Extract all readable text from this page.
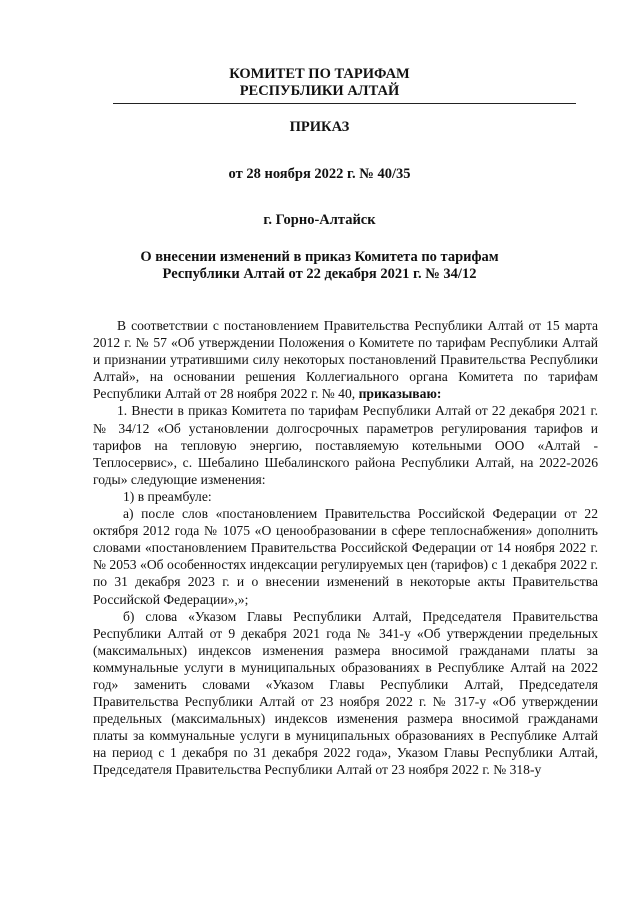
КОМИТЕТ ПО ТАРИФАМ
РЕСПУБЛИКИ АЛТАЙ
ПРИКАЗ
от 28 ноября 2022 г. № 40/35
г. Горно-Алтайск
О внесении изменений в приказ Комитета по тарифам
Республики Алтай от 22 декабря 2021 г. № 34/12

В соответствии с постановлением Правительства Республики Алтай от 15 марта 2012 г. № 57 «Об утверждении Положения о Комитете по тарифам Республики Алтай и признании утратившими силу некоторых постановлений Правительства Республики Алтай», на основании решения Коллегиального органа Комитета по тарифам Республики Алтай от 28 ноября 2022 г. № 40, приказываю:

1. Внести в приказ Комитета по тарифам Республики Алтай от 22 декабря 2021 г. № 34/12 «Об установлении долгосрочных параметров регулирования тарифов и тарифов на тепловую энергию, поставляемую котельными ООО «Алтай - Теплосервис», с. Шебалино Шебалинского района Республики Алтай, на 2022-2026 годы» следующие изменения:

1) в преамбуле:

а) после слов «постановлением Правительства Российской Федерации от 22 октября 2012 года № 1075 «О ценообразовании в сфере теплоснабжения» дополнить словами «постановлением Правительства Российской Федерации от 14 ноября 2022 г. № 2053 «Об особенностях индексации регулируемых цен (тарифов) с 1 декабря 2022 г. по 31 декабря 2023 г. и о внесении изменений в некоторые акты Правительства Российской Федерации»,»;

б) слова «Указом Главы Республики Алтай, Председателя Правительства Республики Алтай от 9 декабря 2021 года № 341-у «Об утверждении предельных (максимальных) индексов изменения размера вносимой гражданами платы за коммунальные услуги в муниципальных образованиях в Республике Алтай на 2022 год» заменить словами «Указом Главы Республики Алтай, Председателя Правительства Республики Алтай от 23 ноября 2022 г. № 317-у «Об утверждении предельных (максимальных) индексов изменения размера вносимой гражданами платы за коммунальные услуги в муниципальных образованиях в Республике Алтай на период с 1 декабря по 31 декабря 2022 года», Указом Главы Республики Алтай, Председателя Правительства Республики Алтай от 23 ноября 2022 г. № 318-у
